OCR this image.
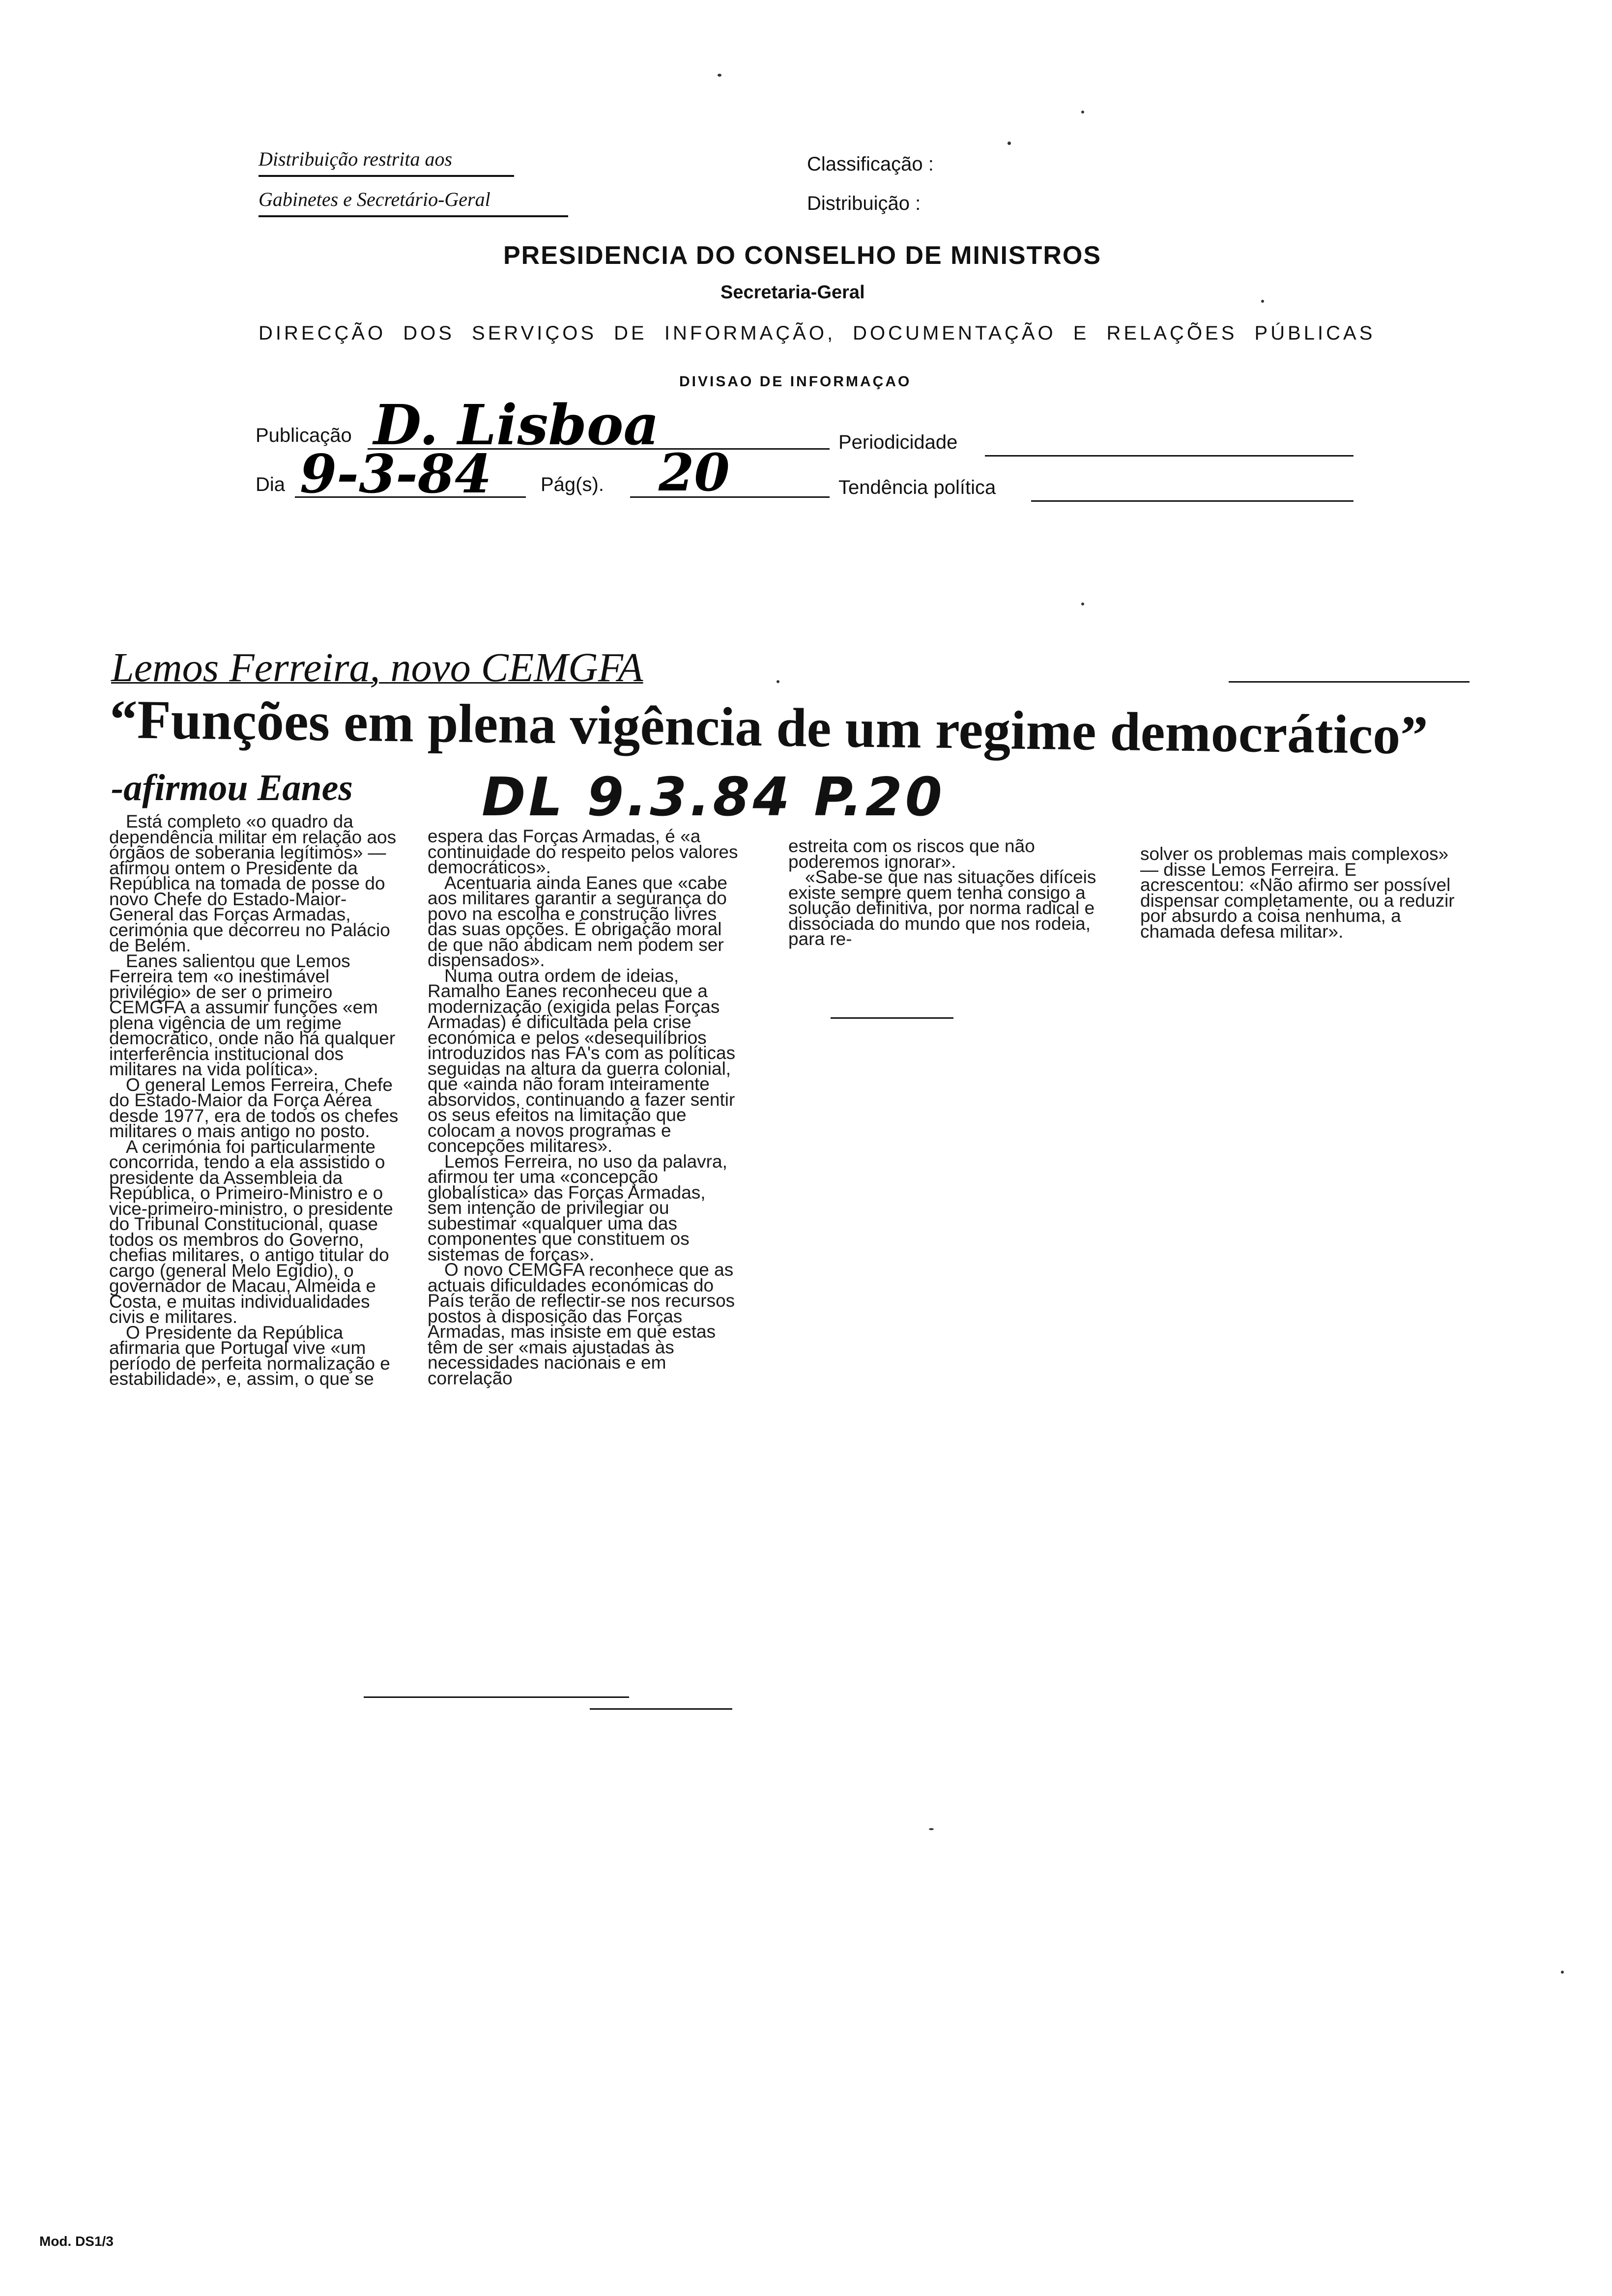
Distribuição restrita aos
Gabinetes e Secretário-Geral
Classificação :
Distribuição :
PRESIDENCIA DO CONSELHO DE MINISTROS
Secretaria-Geral
DIRECÇÃO DOS SERVIÇOS DE INFORMAÇÃO, DOCUMENTAÇÃO E RELAÇÕES PÚBLICAS
DIVISAO DE INFORMAÇAO
Publicação D. Lisboa	Periodicidade
Dia 9-3-84 Pág(s). 20	Tendência política
Lemos Ferreira, novo CEMGFA
“Funções em plena vigência de um regime democrático”
-afirmou Eanes DL 9.3.84 P.20

Está completo «o quadro da dependência militar em relação aos órgãos de soberania legítimos» — afirmou ontem o Presidente da República na tomada de posse do novo Chefe do Estado-Maior-General das Forças Armadas, cerimónia que decorreu no Palácio de Belém.

Eanes salientou que Lemos Ferreira tem «o inestimável privilégio» de ser o primeiro CEMGFA a assumir funções «em plena vigência de um regime democrático, onde não há qualquer interferência institucional dos militares na vida política».

O general Lemos Ferreira, Chefe do Estado-Maior da Força Aérea desde 1977, era de todos os chefes militares o mais antigo no posto.

A cerimónia foi particularmente concorrida, tendo a ela assistido o presidente da Assembleia da República, o Primeiro-Ministro e o vice-primeiro-ministro, o presidente do Tribunal Constitucional, quase todos os membros do Governo, chefias militares, o antigo titular do cargo (general Melo Egídio), o governador de Macau, Almeida e Costa, e muitas individualidades civis e militares.

O Presidente da República afirmaria que Portugal vive «um período de perfeita normalização e estabilidade», e, assim, o que se

espera das Forças Armadas, é «a continuidade do respeito pelos valores democráticos».

Acentuaria ainda Eanes que «cabe aos militares garantir a segurança do povo na escolha e construção livres das suas opções. É obrigação moral de que não abdicam nem podem ser dispensados».

Numa outra ordem de ideias, Ramalho Eanes reconheceu que a modernização (exigida pelas Forças Armadas) é dificultada pela crise económica e pelos «desequilíbrios introduzidos nas FA's com as políticas seguidas na altura da guerra colonial, que «ainda não foram inteiramente absorvidos, continuando a fazer sentir os seus efeitos na limitação que colocam a novos programas e concepções militares».

Lemos Ferreira, no uso da palavra, afirmou ter uma «concepção globalística» das Forças Armadas, sem intenção de privilegiar ou subestimar «qualquer uma das componentes que constituem os sistemas de forças».

O novo CEMGFA reconhece que as actuais dificuldades económicas do País terão de reflectir-se nos recursos postos à disposição das Forças Armadas, mas insiste em que estas têm de ser «mais ajustadas às necessidades nacionais e em correlação

estreita com os riscos que não poderemos ignorar».

«Sabe-se que nas situações difíceis existe sempre quem tenha consigo a solução definitiva, por norma radical e dissociada do mundo que nos rodeia, para re-

solver os problemas mais complexos» — disse Lemos Ferreira. E acrescentou: «Não afirmo ser possível dispensar completamente, ou a reduzir por absurdo a coisa nenhuma, a chamada defesa militar».

Mod. DS1/3
